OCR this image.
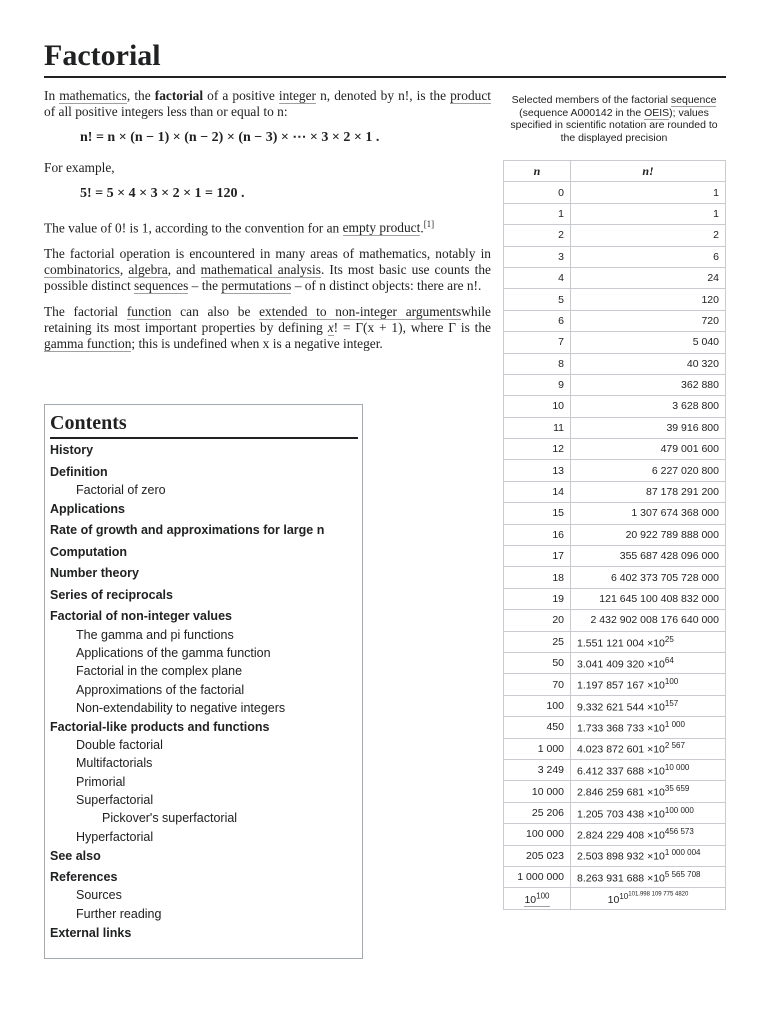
Factorial

In mathematics, the factorial of a positive integer n, denoted by n!, is the product of all positive integers less than or equal to n:

n! = n × (n − 1) × (n − 2) × (n − 3) × ⋯ × 3 × 2 × 1 .

For example,

5! = 5 × 4 × 3 × 2 × 1 = 120 .

The value of 0! is 1, according to the convention for an empty product.[1]

The factorial operation is encountered in many areas of mathematics, notably in combinatorics, algebra, and mathematical analysis. Its most basic use counts the possible distinct sequences – the permutations – of n distinct objects: there are n!.

The factorial function can also be extended to non-integer argumentswhile retaining its most important properties by defining x! = Γ(x + 1), where Γ is the gamma function; this is undefined when x is a negative integer.

Contents
History
Definition
Factorial of zero
Applications
Rate of growth and approximations for large n
Computation
Number theory
Series of reciprocals
Factorial of non-integer values
The gamma and pi functions
Applications of the gamma function
Factorial in the complex plane
Approximations of the factorial
Non-extendability to negative integers
Factorial-like products and functions
Double factorial
Multifactorials
Primorial
Superfactorial
Pickover's superfactorial
Hyperfactorial
See also
References
Sources
Further reading
External links
Selected members of the factorial sequence (sequence A000142 in the OEIS); values specified in scientific notation are rounded to the displayed precision
n	n!
0	1
1	1
2	2
3	6
4	24
5	120
6	720
7	5 040
8	40 320
9	362 880
10	3 628 800
11	39 916 800
12	479 001 600
13	6 227 020 800
14	87 178 291 200
15	1 307 674 368 000
16	20 922 789 888 000
17	355 687 428 096 000
18	6 402 373 705 728 000
19	121 645 100 408 832 000
20	2 432 902 008 176 640 000
25	1.551 121 $004 \times 10^{25}$
50	3.041 409 $320 \times 10^{64}$
70	1.197 857 $167 \times 10^{100}$
100	9.332 621 $544 \times 10^{157}$
450	1.733 368 $733 \times 10^{1 000}$
1 000	4.023 872 $601 \times 10^{2 567}$
3 249	6.412 337 $688 \times 10^{10 000}$
10 000	2.846 259 $681 \times 10^{35 659}$
25 206	1.205 703 $438 \times 10^{100 000}$
100 000	2.824 229 $408 \times 10^{456 573}$
205 023	2.503 898 $932 \times 10^{1 000 004}$
1 000 000	8.263 931 $688 \times 10^{5 565 708}$
$10^{100}$	$10^{10^{101.998 109 775 4820}}$
